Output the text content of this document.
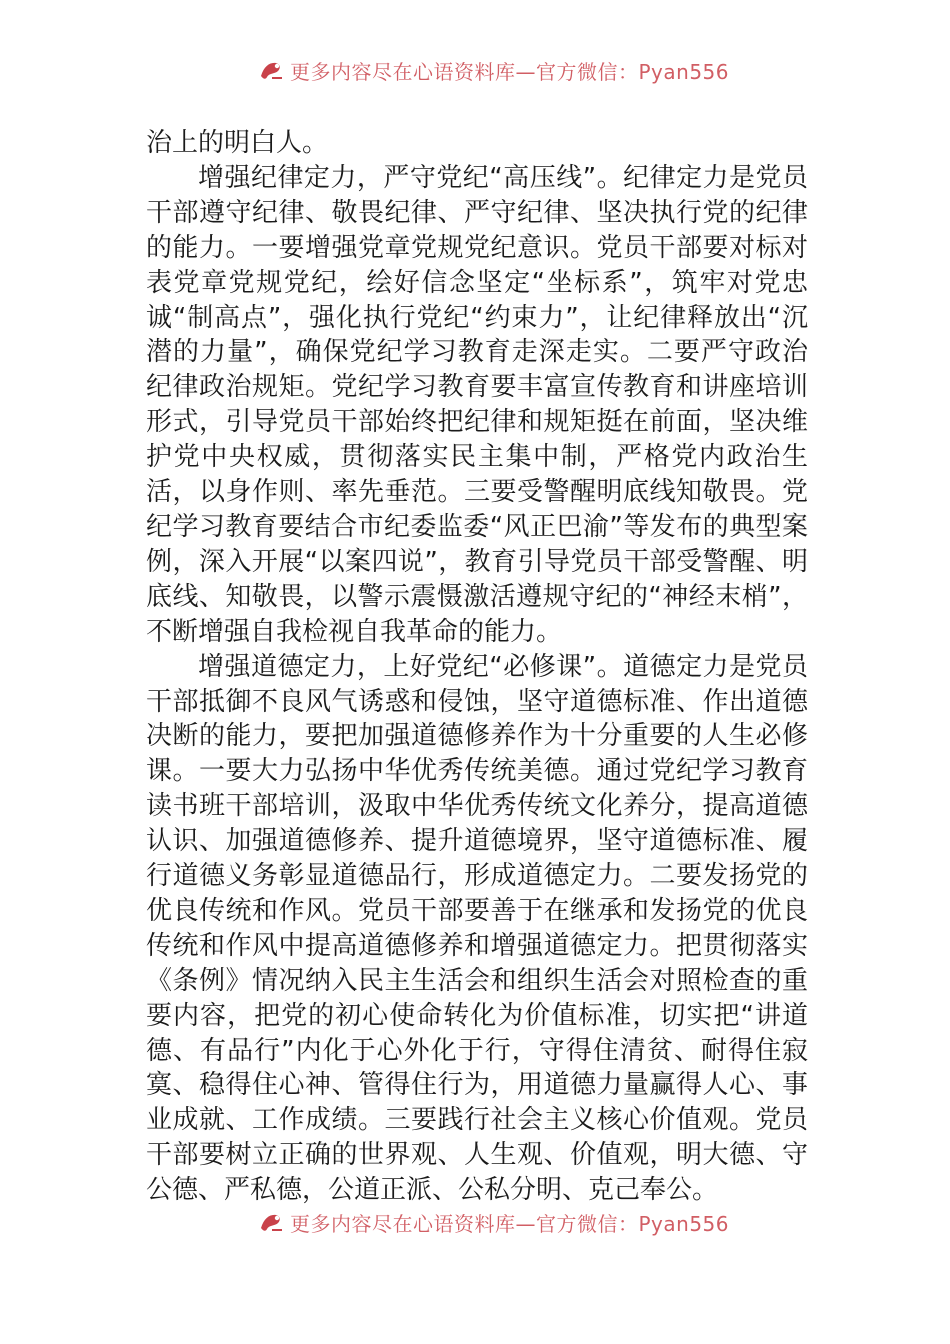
更多内容尽在心语资料库—官方微信：Pyan556

治上的明白人。

增强纪律定力，严守党纪“高压线”。纪律定力是党员干部遵守纪律、敬畏纪律、严守纪律、坚决执行党的纪律的能力。一要增强党章党规党纪意识。党员干部要对标对表党章党规党纪，绘好信念坚定“坐标系”，筑牢对党忠诚“制高点”，强化执行党纪“约束力”，让纪律释放出“沉潜的力量”，确保党纪学习教育走深走实。二要严守政治纪律政治规矩。党纪学习教育要丰富宣传教育和讲座培训形式，引导党员干部始终把纪律和规矩挺在前面，坚决维护党中央权威，贯彻落实民主集中制，严格党内政治生活，以身作则、率先垂范。三要受警醒明底线知敬畏。党纪学习教育要结合市纪委监委“风正巴渝”等发布的典型案例，深入开展“以案四说”，教育引导党员干部受警醒、明底线、知敬畏，以警示震慑激活遵规守纪的“神经末梢”，不断增强自我检视自我革命的能力。

增强道德定力，上好党纪“必修课”。道德定力是党员干部抵御不良风气诱惑和侵蚀，坚守道德标准、作出道德决断的能力，要把加强道德修养作为十分重要的人生必修课。一要大力弘扬中华优秀传统美德。通过党纪学习教育读书班干部培训，汲取中华优秀传统文化养分，提高道德认识、加强道德修养、提升道德境界，坚守道德标准、履行道德义务彰显道德品行，形成道德定力。二要发扬党的优良传统和作风。党员干部要善于在继承和发扬党的优良传统和作风中提高道德修养和增强道德定力。把贯彻落实《条例》情况纳入民主生活会和组织生活会对照检查的重要内容，把党的初心使命转化为价值标准，切实把“讲道德、有品行”内化于心外化于行，守得住清贫、耐得住寂寞、稳得住心神、管得住行为，用道德力量赢得人心、事业成就、工作成绩。三要践行社会主义核心价值观。党员干部要树立正确的世界观、人生观、价值观，明大德、守公德、严私德，公道正派、公私分明、克己奉公。

更多内容尽在心语资料库—官方微信：Pyan556
